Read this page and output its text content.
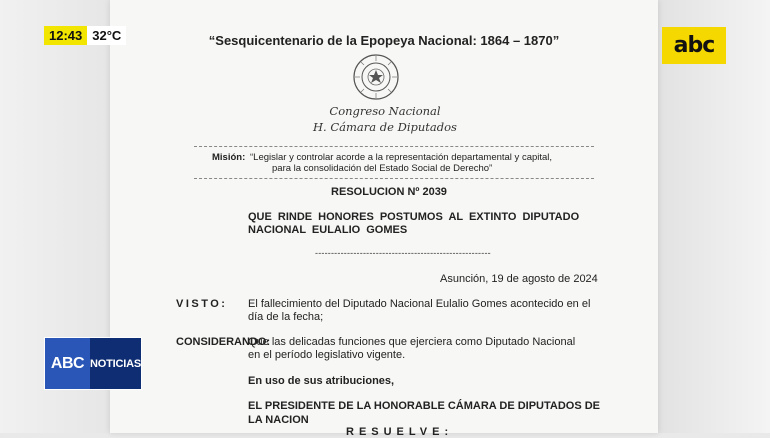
“Sesquicentenario de la Epopeya Nacional: 1864 – 1870”
Congreso Nacional
H. Cámara de Diputados
Misión: “Legislar y controlar acorde a la representación departamental y capital,
para la consolidación del Estado Social de Derecho”
RESOLUCION Nº 2039
QUE RINDE HONORES POSTUMOS AL EXTINTO DIPUTADO
NACIONAL EULALIO GOMES
-------------------------------------------------------
Asunción, 19 de agosto de 2024
VISTO: El fallecimiento del Diputado Nacional Eulalio Gomes acontecido en el
día de la fecha;
CONSIDERANDO:
Que las delicadas funciones que ejerciera como Diputado Nacional
en el período legislativo vigente.
En uso de sus atribuciones,
EL PRESIDENTE DE LA HONORABLE CÁMARA DE DIPUTADOS DE
LA NACION
RESUELVE:
12:43 32°C	abc
ABC NOTICIAS
